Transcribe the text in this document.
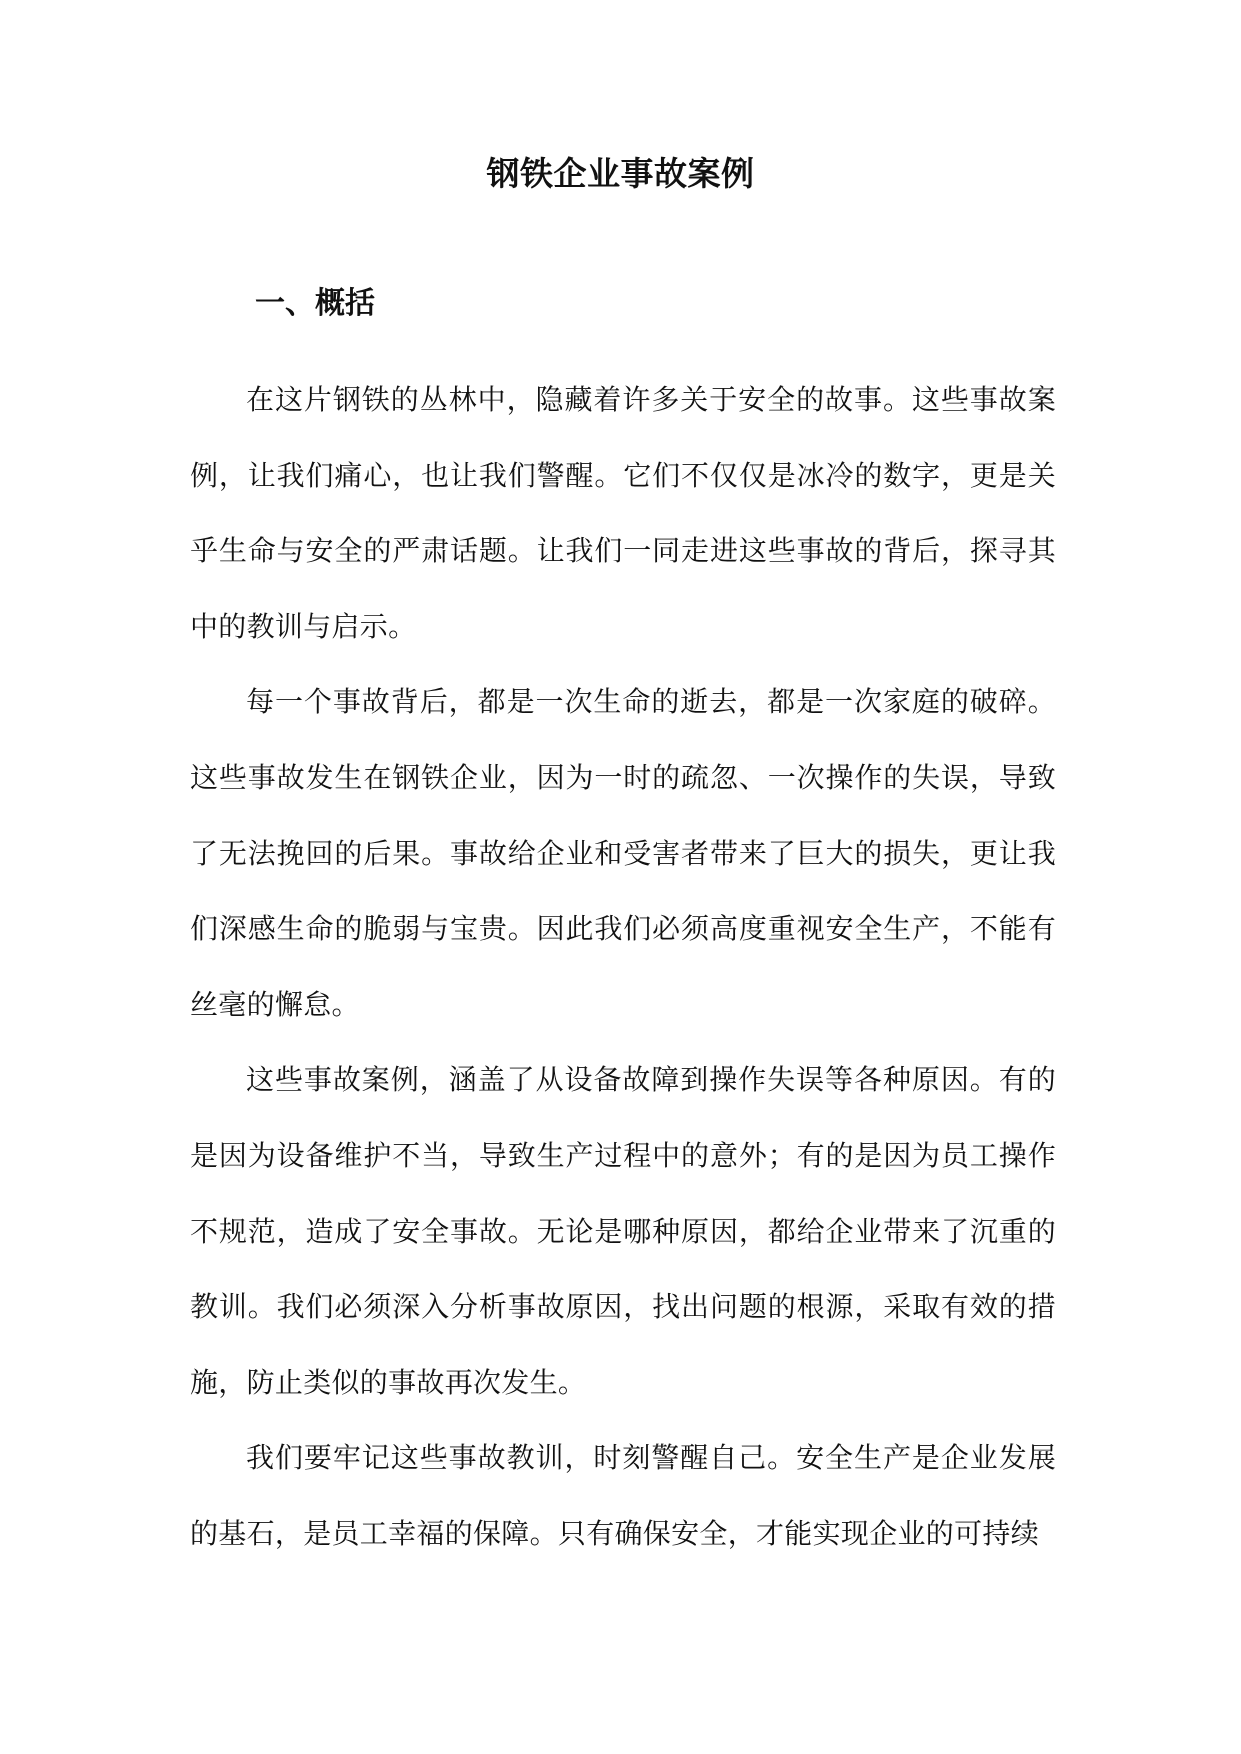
钢铁企业事故案例
一、概括

在这片钢铁的丛林中，隐藏着许多关于安全的故事。这些事故案例，让我们痛心，也让我们警醒。它们不仅仅是冰冷的数字，更是关乎生命与安全的严肃话题。让我们一同走进这些事故的背后，探寻其中的教训与启示。

每一个事故背后，都是一次生命的逝去，都是一次家庭的破碎。这些事故发生在钢铁企业，因为一时的疏忽、一次操作的失误，导致了无法挽回的后果。事故给企业和受害者带来了巨大的损失，更让我们深感生命的脆弱与宝贵。因此我们必须高度重视安全生产，不能有丝毫的懈怠。

这些事故案例，涵盖了从设备故障到操作失误等各种原因。有的是因为设备维护不当，导致生产过程中的意外；有的是因为员工操作不规范，造成了安全事故。无论是哪种原因，都给企业带来了沉重的教训。我们必须深入分析事故原因，找出问题的根源，采取有效的措施，防止类似的事故再次发生。

我们要牢记这些事故教训，时刻警醒自己。安全生产是企业发展的基石，是员工幸福的保障。只有确保安全，才能实现企业的可持续
